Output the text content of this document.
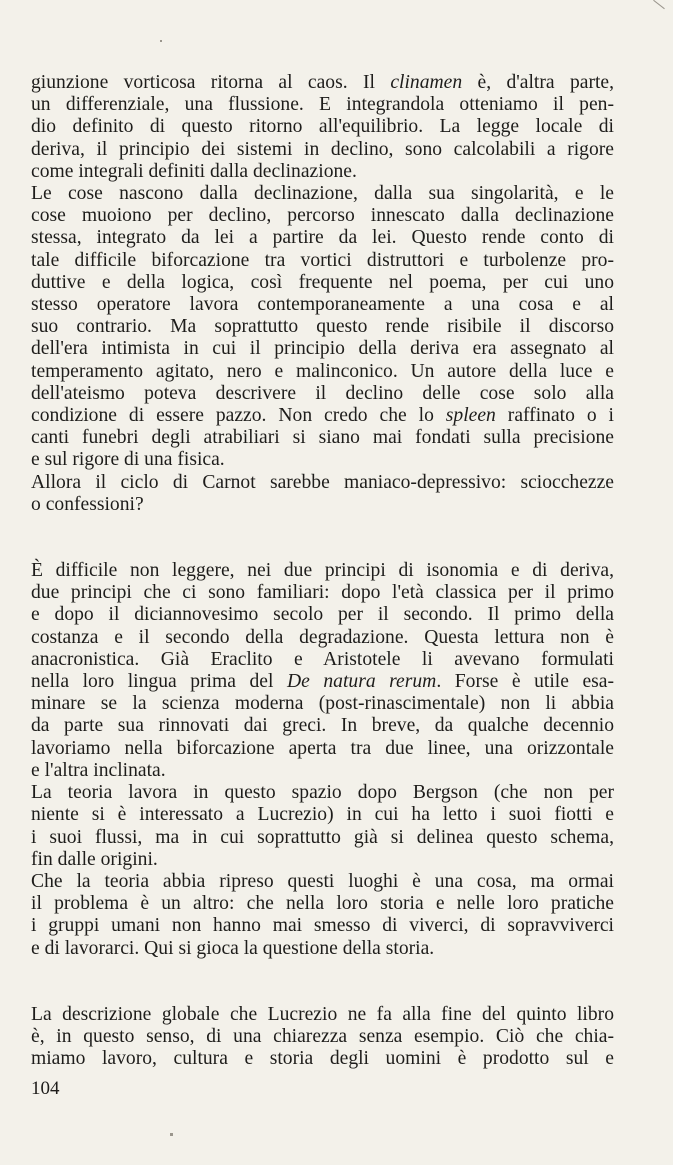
giunzione vorticosa ritorna al caos. Il clinamen è, d'altra parte,
un differenziale, una flussione. E integrandola otteniamo il pen-
dio definito di questo ritorno all'equilibrio. La legge locale di
deriva, il principio dei sistemi in declino, sono calcolabili a rigore
come integrali definiti dalla declinazione.
Le cose nascono dalla declinazione, dalla sua singolarità, e le
cose muoiono per declino, percorso innescato dalla declinazione
stessa, integrato da lei a partire da lei. Questo rende conto di
tale difficile biforcazione tra vortici distruttori e turbolenze pro-
duttive e della logica, così frequente nel poema, per cui uno
stesso operatore lavora contemporaneamente a una cosa e al
suo contrario. Ma soprattutto questo rende risibile il discorso
dell'era intimista in cui il principio della deriva era assegnato al
temperamento agitato, nero e malinconico. Un autore della luce e
dell'ateismo poteva descrivere il declino delle cose solo alla
condizione di essere pazzo. Non credo che lo spleen raffinato o i
canti funebri degli atrabiliari si siano mai fondati sulla precisione
e sul rigore di una fisica.
Allora il ciclo di Carnot sarebbe maniaco-depressivo: sciocchezze
o confessioni?
È difficile non leggere, nei due principi di isonomia e di deriva,
due principi che ci sono familiari: dopo l'età classica per il primo
e dopo il diciannovesimo secolo per il secondo. Il primo della
costanza e il secondo della degradazione. Questa lettura non è
anacronistica. Già Eraclito e Aristotele li avevano formulati
nella loro lingua prima del De natura rerum. Forse è utile esa-
minare se la scienza moderna (post-rinascimentale) non li abbia
da parte sua rinnovati dai greci. In breve, da qualche decennio
lavoriamo nella biforcazione aperta tra due linee, una orizzontale
e l'altra inclinata.
La teoria lavora in questo spazio dopo Bergson (che non per
niente si è interessato a Lucrezio) in cui ha letto i suoi fiotti e
i suoi flussi, ma in cui soprattutto già si delinea questo schema,
fin dalle origini.
Che la teoria abbia ripreso questi luoghi è una cosa, ma ormai
il problema è un altro: che nella loro storia e nelle loro pratiche
i gruppi umani non hanno mai smesso di viverci, di sopravviverci
e di lavorarci. Qui si gioca la questione della storia.
La descrizione globale che Lucrezio ne fa alla fine del quinto libro
è, in questo senso, di una chiarezza senza esempio. Ciò che chia-
miamo lavoro, cultura e storia degli uomini è prodotto sul e
104
